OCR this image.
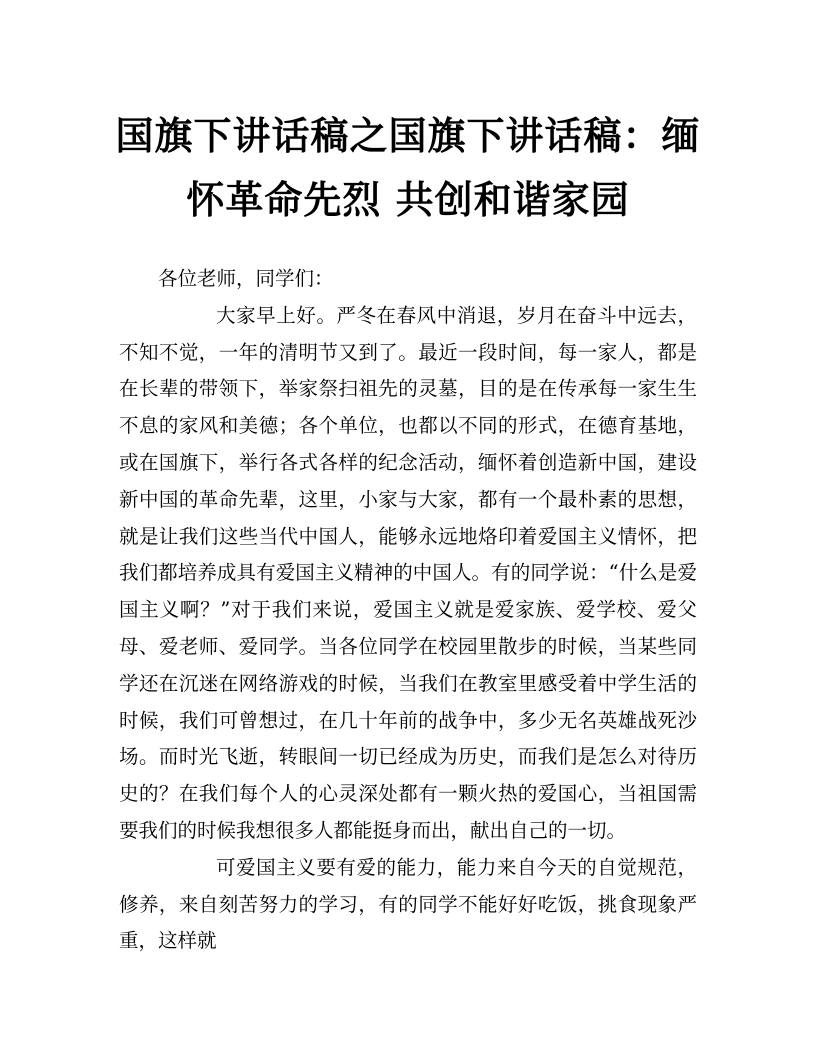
国旗下讲话稿之国旗下讲话稿：缅怀革命先烈 共创和谐家园

各位老师，同学们：

大家早上好。严冬在春风中消退，岁月在奋斗中远去，不知不觉，一年的清明节又到了。最近一段时间，每一家人，都是在长辈的带领下，举家祭扫祖先的灵墓，目的是在传承每一家生生不息的家风和美德；各个单位，也都以不同的形式，在德育基地，或在国旗下，举行各式各样的纪念活动，缅怀着创造新中国，建设新中国的革命先辈，这里，小家与大家，都有一个最朴素的思想，就是让我们这些当代中国人，能够永远地烙印着爱国主义情怀，把我们都培养成具有爱国主义精神的中国人。有的同学说：“什么是爱国主义啊？”对于我们来说，爱国主义就是爱家族、爱学校、爱父母、爱老师、爱同学。当各位同学在校园里散步的时候，当某些同学还在沉迷在网络游戏的时候，当我们在教室里感受着中学生活的时候，我们可曾想过，在几十年前的战争中，多少无名英雄战死沙场。而时光飞逝，转眼间一切已经成为历史，而我们是怎么对待历史的？在我们每个人的心灵深处都有一颗火热的爱国心，当祖国需要我们的时候我想很多人都能挺身而出，献出自己的一切。

可爱国主义要有爱的能力，能力来自今天的自觉规范，修养，来自刻苦努力的学习，有的同学不能好好吃饭，挑食现象严重，这样就
